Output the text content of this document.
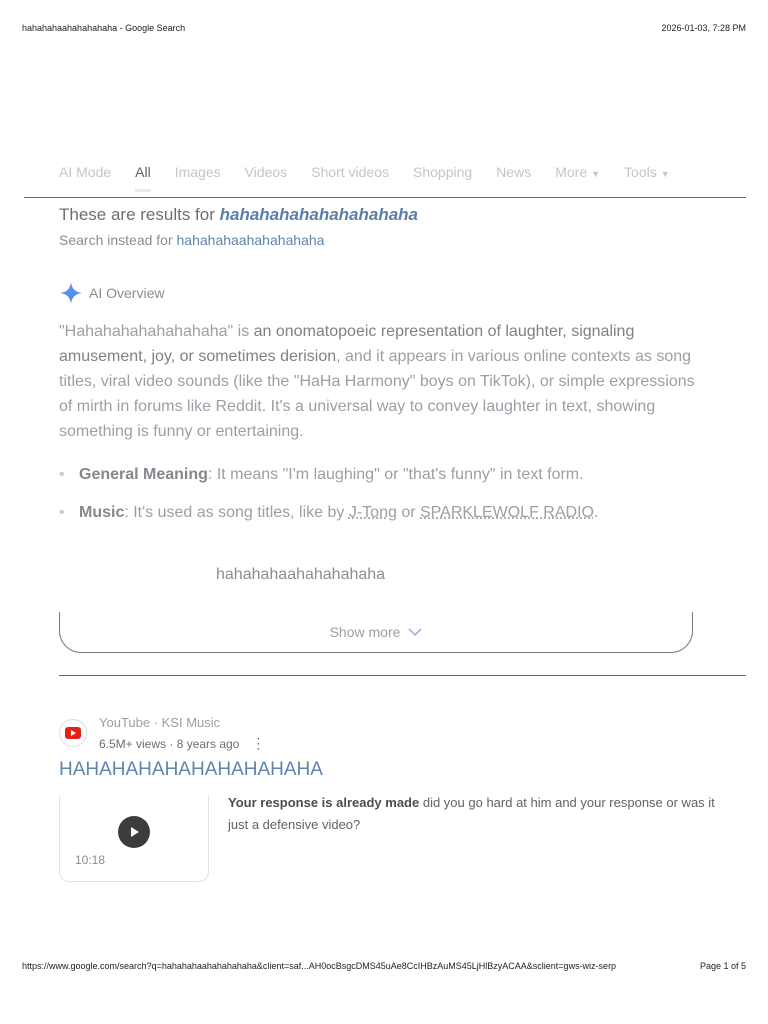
hahahahaahahahahaha - Google Search	2026-01-03, 7:28 PM
AI Mode All Images Videos Short videos Shopping News More ▼ Tools ▼
These are results for hahahahahahahahahaha
Search instead for hahahahaahahahahaha
AI Overview
"Hahahahahahahahaha" is an onomatopoeic representation of laughter, signaling amusement, joy, or sometimes derision, and it appears in various online contexts as song titles, viral video sounds (like the "HaHa Harmony" boys on TikTok), or simple expressions of mirth in forums like Reddit. It's a universal way to convey laughter in text, showing something is funny or entertaining.
• General Meaning: It means "I'm laughing" or "that's funny" in text form.
• Music: It's used as song titles, like by J-Tong or SPARKLEWOLF RADIO.
hahahahaahahahahaha
Show more
YouTube · KSI Music
6.5M+ views · 8 years ago ⋮
HAHAHAHAHAHAHAHAHAHA
10:18
Your response is already made did you go hard at him and your response or was it just a defensive video?
https://www.google.com/search?q=hahahahaahahahahaha&client=saf...AH0ocBsgcDMS45uAe8CcIHBzAuMS45LjHlBzyACAA&sclient=gws-wiz-serp	Page 1 of 5
